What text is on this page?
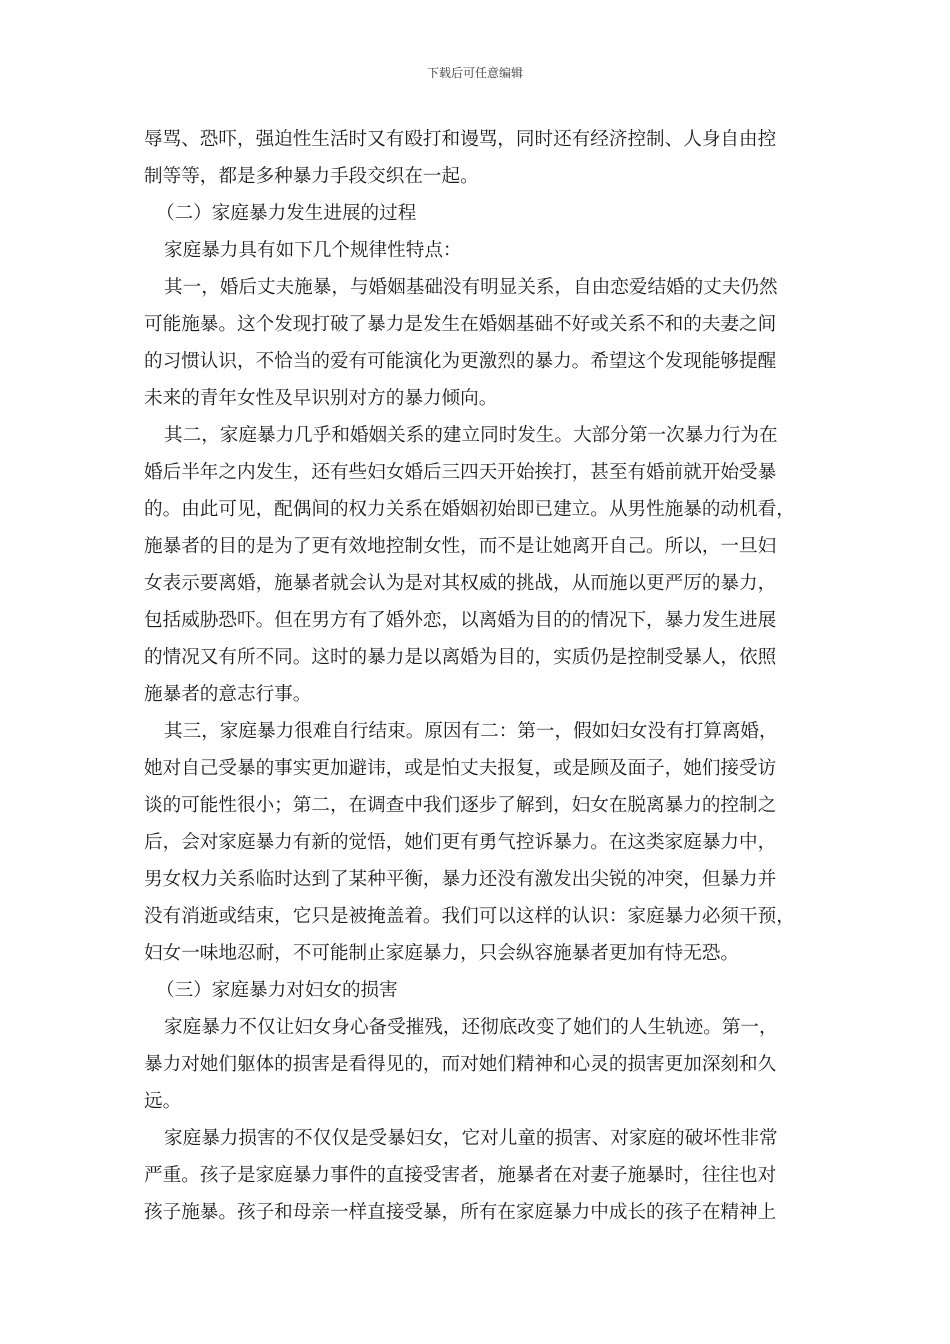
下载后可任意编辑
辱骂、恐吓，强迫性生活时又有殴打和谩骂，同时还有经济控制、人身自由控
制等等，都是多种暴力手段交织在一起。
（二）家庭暴力发生进展的过程
家庭暴力具有如下几个规律性特点：
其一，婚后丈夫施暴，与婚姻基础没有明显关系，自由恋爱结婚的丈夫仍然
可能施暴。这个发现打破了暴力是发生在婚姻基础不好或关系不和的夫妻之间
的习惯认识，不恰当的爱有可能演化为更激烈的暴力。希望这个发现能够提醒
未来的青年女性及早识别对方的暴力倾向。
其二，家庭暴力几乎和婚姻关系的建立同时发生。大部分第一次暴力行为在
婚后半年之内发生，还有些妇女婚后三四天开始挨打，甚至有婚前就开始受暴
的。由此可见，配偶间的权力关系在婚姻初始即已建立。从男性施暴的动机看，
施暴者的目的是为了更有效地控制女性，而不是让她离开自己。所以，一旦妇
女表示要离婚，施暴者就会认为是对其权威的挑战，从而施以更严厉的暴力，
包括威胁恐吓。但在男方有了婚外恋，以离婚为目的的情况下，暴力发生进展
的情况又有所不同。这时的暴力是以离婚为目的，实质仍是控制受暴人，依照
施暴者的意志行事。
其三，家庭暴力很难自行结束。原因有二：第一，假如妇女没有打算离婚，
她对自己受暴的事实更加避讳，或是怕丈夫报复，或是顾及面子，她们接受访
谈的可能性很小；第二，在调查中我们逐步了解到，妇女在脱离暴力的控制之
后，会对家庭暴力有新的觉悟，她们更有勇气控诉暴力。在这类家庭暴力中，
男女权力关系临时达到了某种平衡，暴力还没有激发出尖锐的冲突，但暴力并
没有消逝或结束，它只是被掩盖着。我们可以这样的认识：家庭暴力必须干预，
妇女一味地忍耐，不可能制止家庭暴力，只会纵容施暴者更加有恃无恐。
（三）家庭暴力对妇女的损害
家庭暴力不仅让妇女身心备受摧残，还彻底改变了她们的人生轨迹。第一，
暴力对她们躯体的损害是看得见的，而对她们精神和心灵的损害更加深刻和久
远。
家庭暴力损害的不仅仅是受暴妇女，它对儿童的损害、对家庭的破坏性非常
严重。孩子是家庭暴力事件的直接受害者，施暴者在对妻子施暴时，往往也对
孩子施暴。孩子和母亲一样直接受暴，所有在家庭暴力中成长的孩子在精神上
